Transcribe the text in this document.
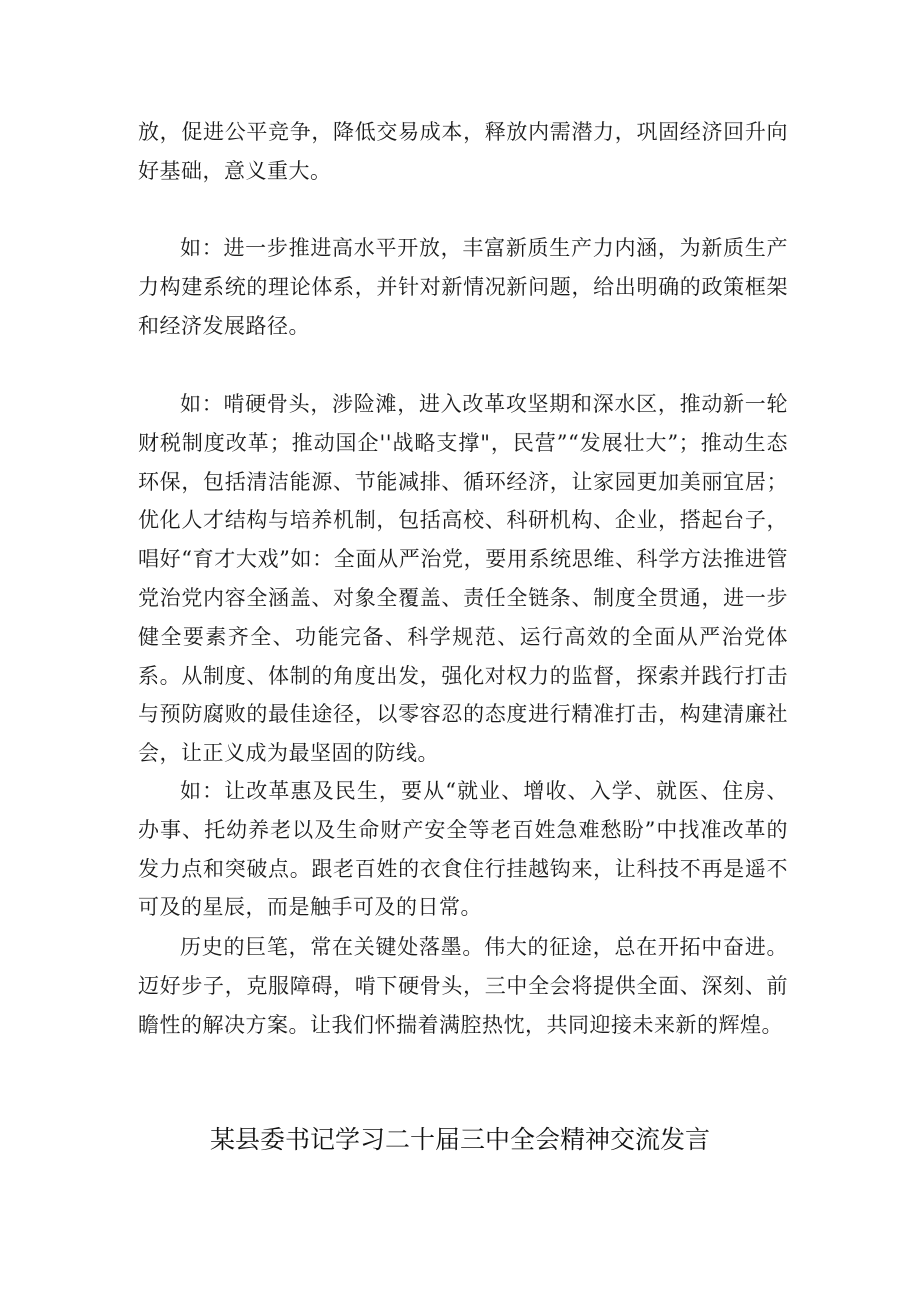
放，促进公平竞争，降低交易成本，释放内需潜力，巩固经济回升向好基础，意义重大。

如：进一步推进高水平开放，丰富新质生产力内涵，为新质生产力构建系统的理论体系，并针对新情况新问题，给出明确的政策框架和经济发展路径。

如：啃硬骨头，涉险滩，进入改革攻坚期和深水区，推动新一轮财税制度改革；推动国企''战略支撑"，民营”“发展壮大”；推动生态环保，包括清洁能源、节能减排、循环经济，让家园更加美丽宜居；优化人才结构与培养机制，包括高校、科研机构、企业，搭起台子，唱好“育才大戏”如：全面从严治党，要用系统思维、科学方法推进管党治党内容全涵盖、对象全覆盖、责任全链条、制度全贯通，进一步健全要素齐全、功能完备、科学规范、运行高效的全面从严治党体系。从制度、体制的角度出发，强化对权力的监督，探索并践行打击与预防腐败的最佳途径，以零容忍的态度进行精准打击，构建清廉社会，让正义成为最坚固的防线。

如：让改革惠及民生，要从“就业、增收、入学、就医、住房、办事、托幼养老以及生命财产安全等老百姓急难愁盼”中找准改革的发力点和突破点。跟老百姓的衣食住行挂越钩来，让科技不再是遥不可及的星辰，而是触手可及的日常。

历史的巨笔，常在关键处落墨。伟大的征途，总在开拓中奋进。迈好步子，克服障碍，啃下硬骨头，三中全会将提供全面、深刻、前瞻性的解决方案。让我们怀揣着满腔热忱，共同迎接未来新的辉煌。

某县委书记学习二十届三中全会精神交流发言
